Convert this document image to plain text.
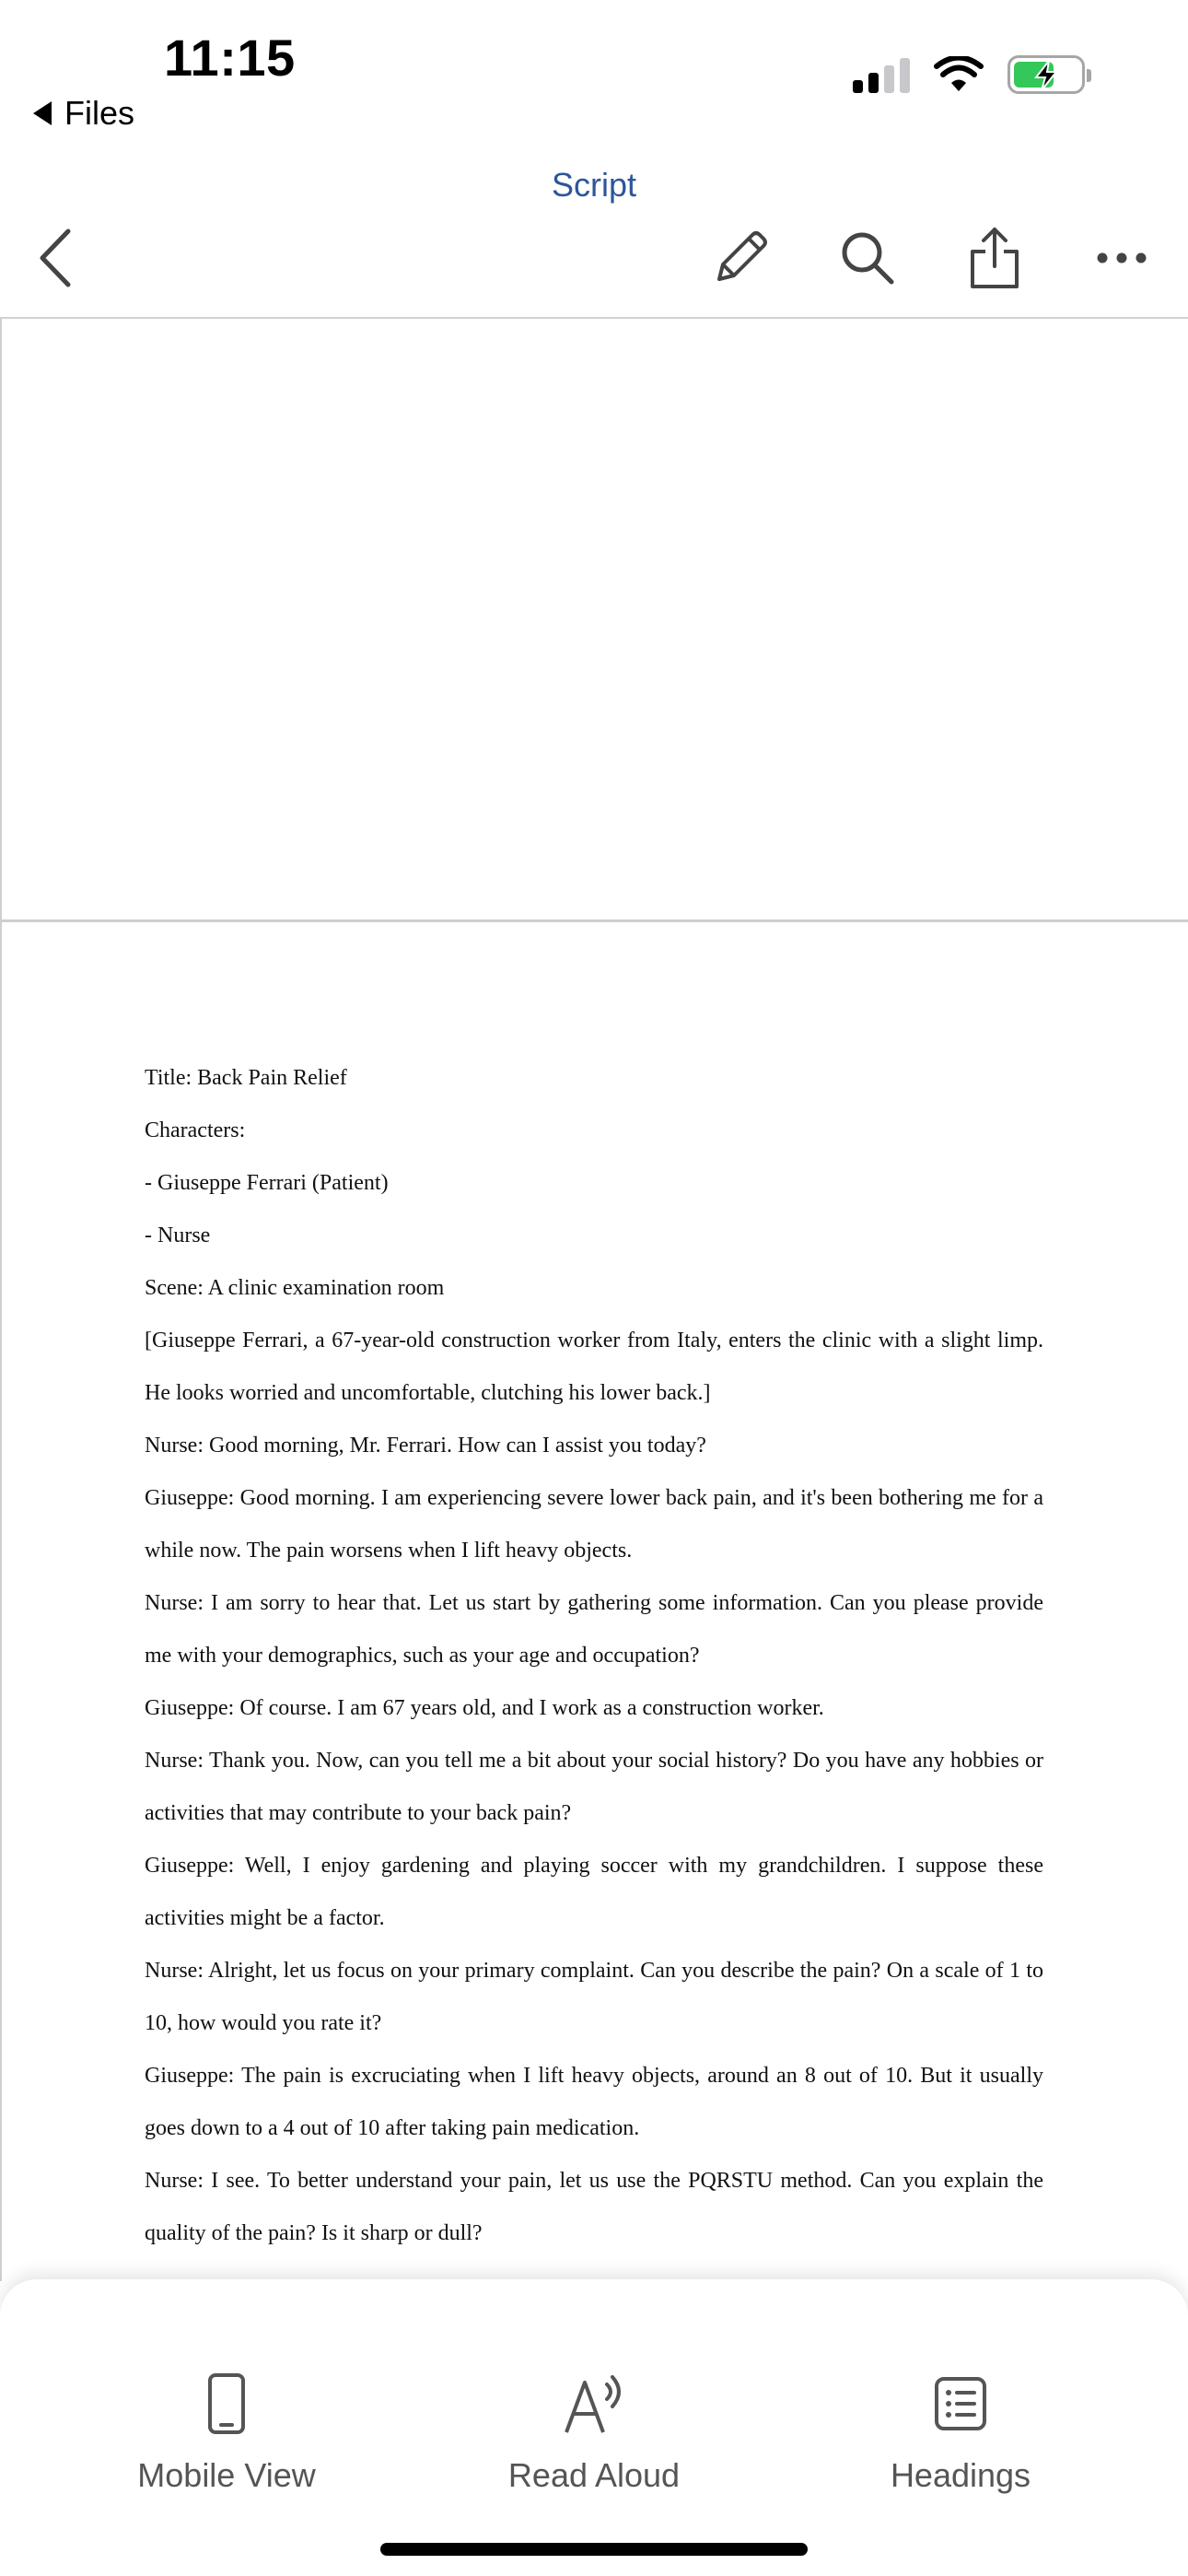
11:15
Files
Script

Title: Back Pain Relief

Characters:

- Giuseppe Ferrari (Patient)

- Nurse

Scene: A clinic examination room

[Giuseppe Ferrari, a 67-year-old construction worker from Italy, enters the clinic with a slight limp. He looks worried and uncomfortable, clutching his lower back.]

Nurse: Good morning, Mr. Ferrari. How can I assist you today?

Giuseppe: Good morning. I am experiencing severe lower back pain, and it's been bothering me for a while now. The pain worsens when I lift heavy objects.

Nurse: I am sorry to hear that. Let us start by gathering some information. Can you please provide me with your demographics, such as your age and occupation?

Giuseppe: Of course. I am 67 years old, and I work as a construction worker.

Nurse: Thank you. Now, can you tell me a bit about your social history? Do you have any hobbies or activities that may contribute to your back pain?

Giuseppe: Well, I enjoy gardening and playing soccer with my grandchildren. I suppose these activities might be a factor.

Nurse: Alright, let us focus on your primary complaint. Can you describe the pain? On a scale of 1 to 10, how would you rate it?

Giuseppe: The pain is excruciating when I lift heavy objects, around an 8 out of 10. But it usually goes down to a 4 out of 10 after taking pain medication.

Nurse: I see. To better understand your pain, let us use the PQRSTU method. Can you explain the quality of the pain? Is it sharp or dull?

Mobile View	Read Aloud	Headings
